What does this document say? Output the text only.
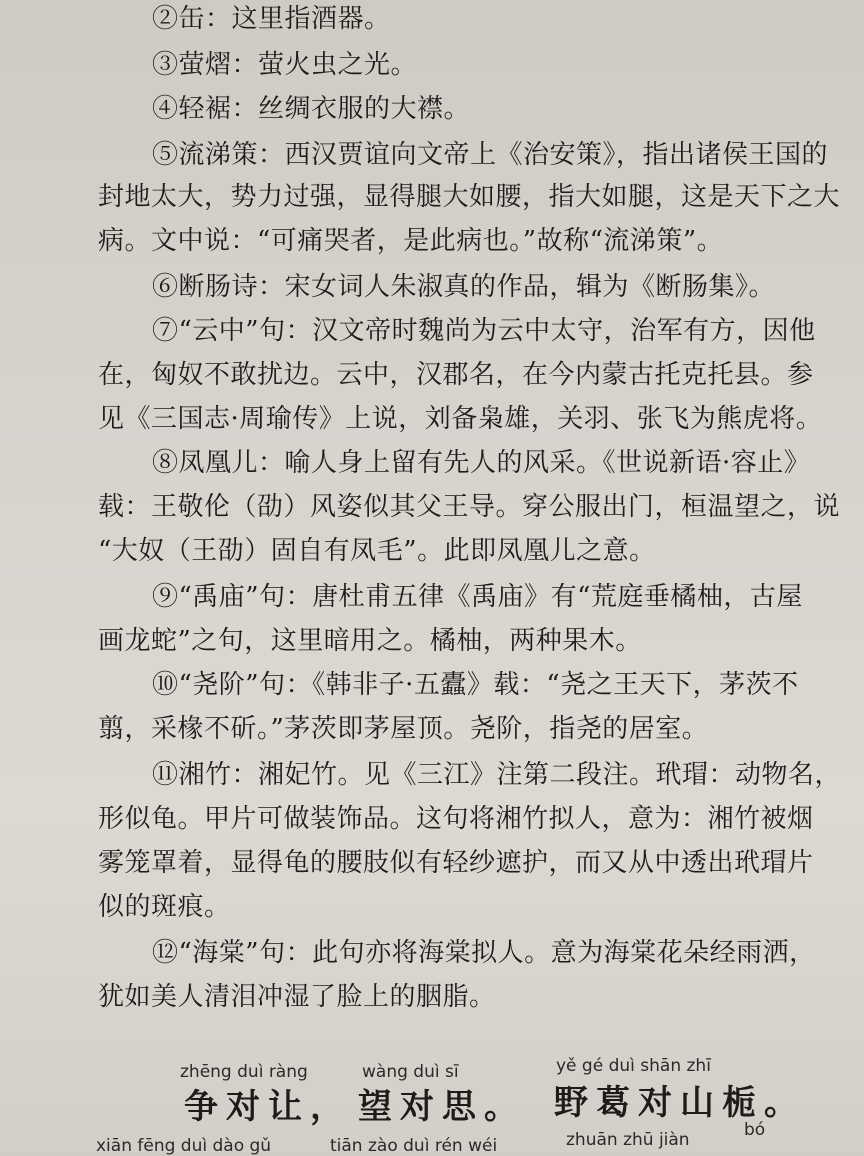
②缶：这里指酒器。
③萤熠：萤火虫之光。
④轻裾：丝绸衣服的大襟。
⑤流涕策：西汉贾谊向文帝上《治安策》，指出诸侯王国的
封地太大，势力过强，显得腿大如腰，指大如腿，这是天下之大
病。文中说：“可痛哭者，是此病也。”故称“流涕策”。
⑥断肠诗：宋女词人朱淑真的作品，辑为《断肠集》。
⑦“云中”句：汉文帝时魏尚为云中太守，治军有方，因他
在，匈奴不敢扰边。云中，汉郡名，在今内蒙古托克托县。参
见《三国志·周瑜传》上说，刘备枭雄，关羽、张飞为熊虎将。
⑧凤凰儿：喻人身上留有先人的风采。《世说新语·容止》
载：王敬伦（劭）风姿似其父王导。穿公服出门，桓温望之，说
“大奴（王劭）固自有凤毛”。此即凤凰儿之意。
⑨“禹庙”句：唐杜甫五律《禹庙》有“荒庭垂橘柚，古屋
画龙蛇”之句，这里暗用之。橘柚，两种果木。
⑩“尧阶”句：《韩非子·五蠹》载：“尧之王天下，茅茨不
翦，采椽不斫。”茅茨即茅屋顶。尧阶，指尧的居室。
⑪湘竹：湘妃竹。见《三江》注第二段注。玳瑁：动物名，
形似龟。甲片可做装饰品。这句将湘竹拟人，意为：湘竹被烟
雾笼罩着，显得龟的腰肢似有轻纱遮护，而又从中透出玳瑁片
似的斑痕。
⑫“海棠”句：此句亦将海棠拟人。意为海棠花朵经雨洒，
犹如美人清泪冲湿了脸上的胭脂。
zhēng duì ràng	wàng duì sī	yě gé duì shān zhī
争对让， 望对思。 野葛对山栀。
xiān fēng duì dào gǔ	tiān zào duì rén wéi	zhuān zhū jiàn	bó
